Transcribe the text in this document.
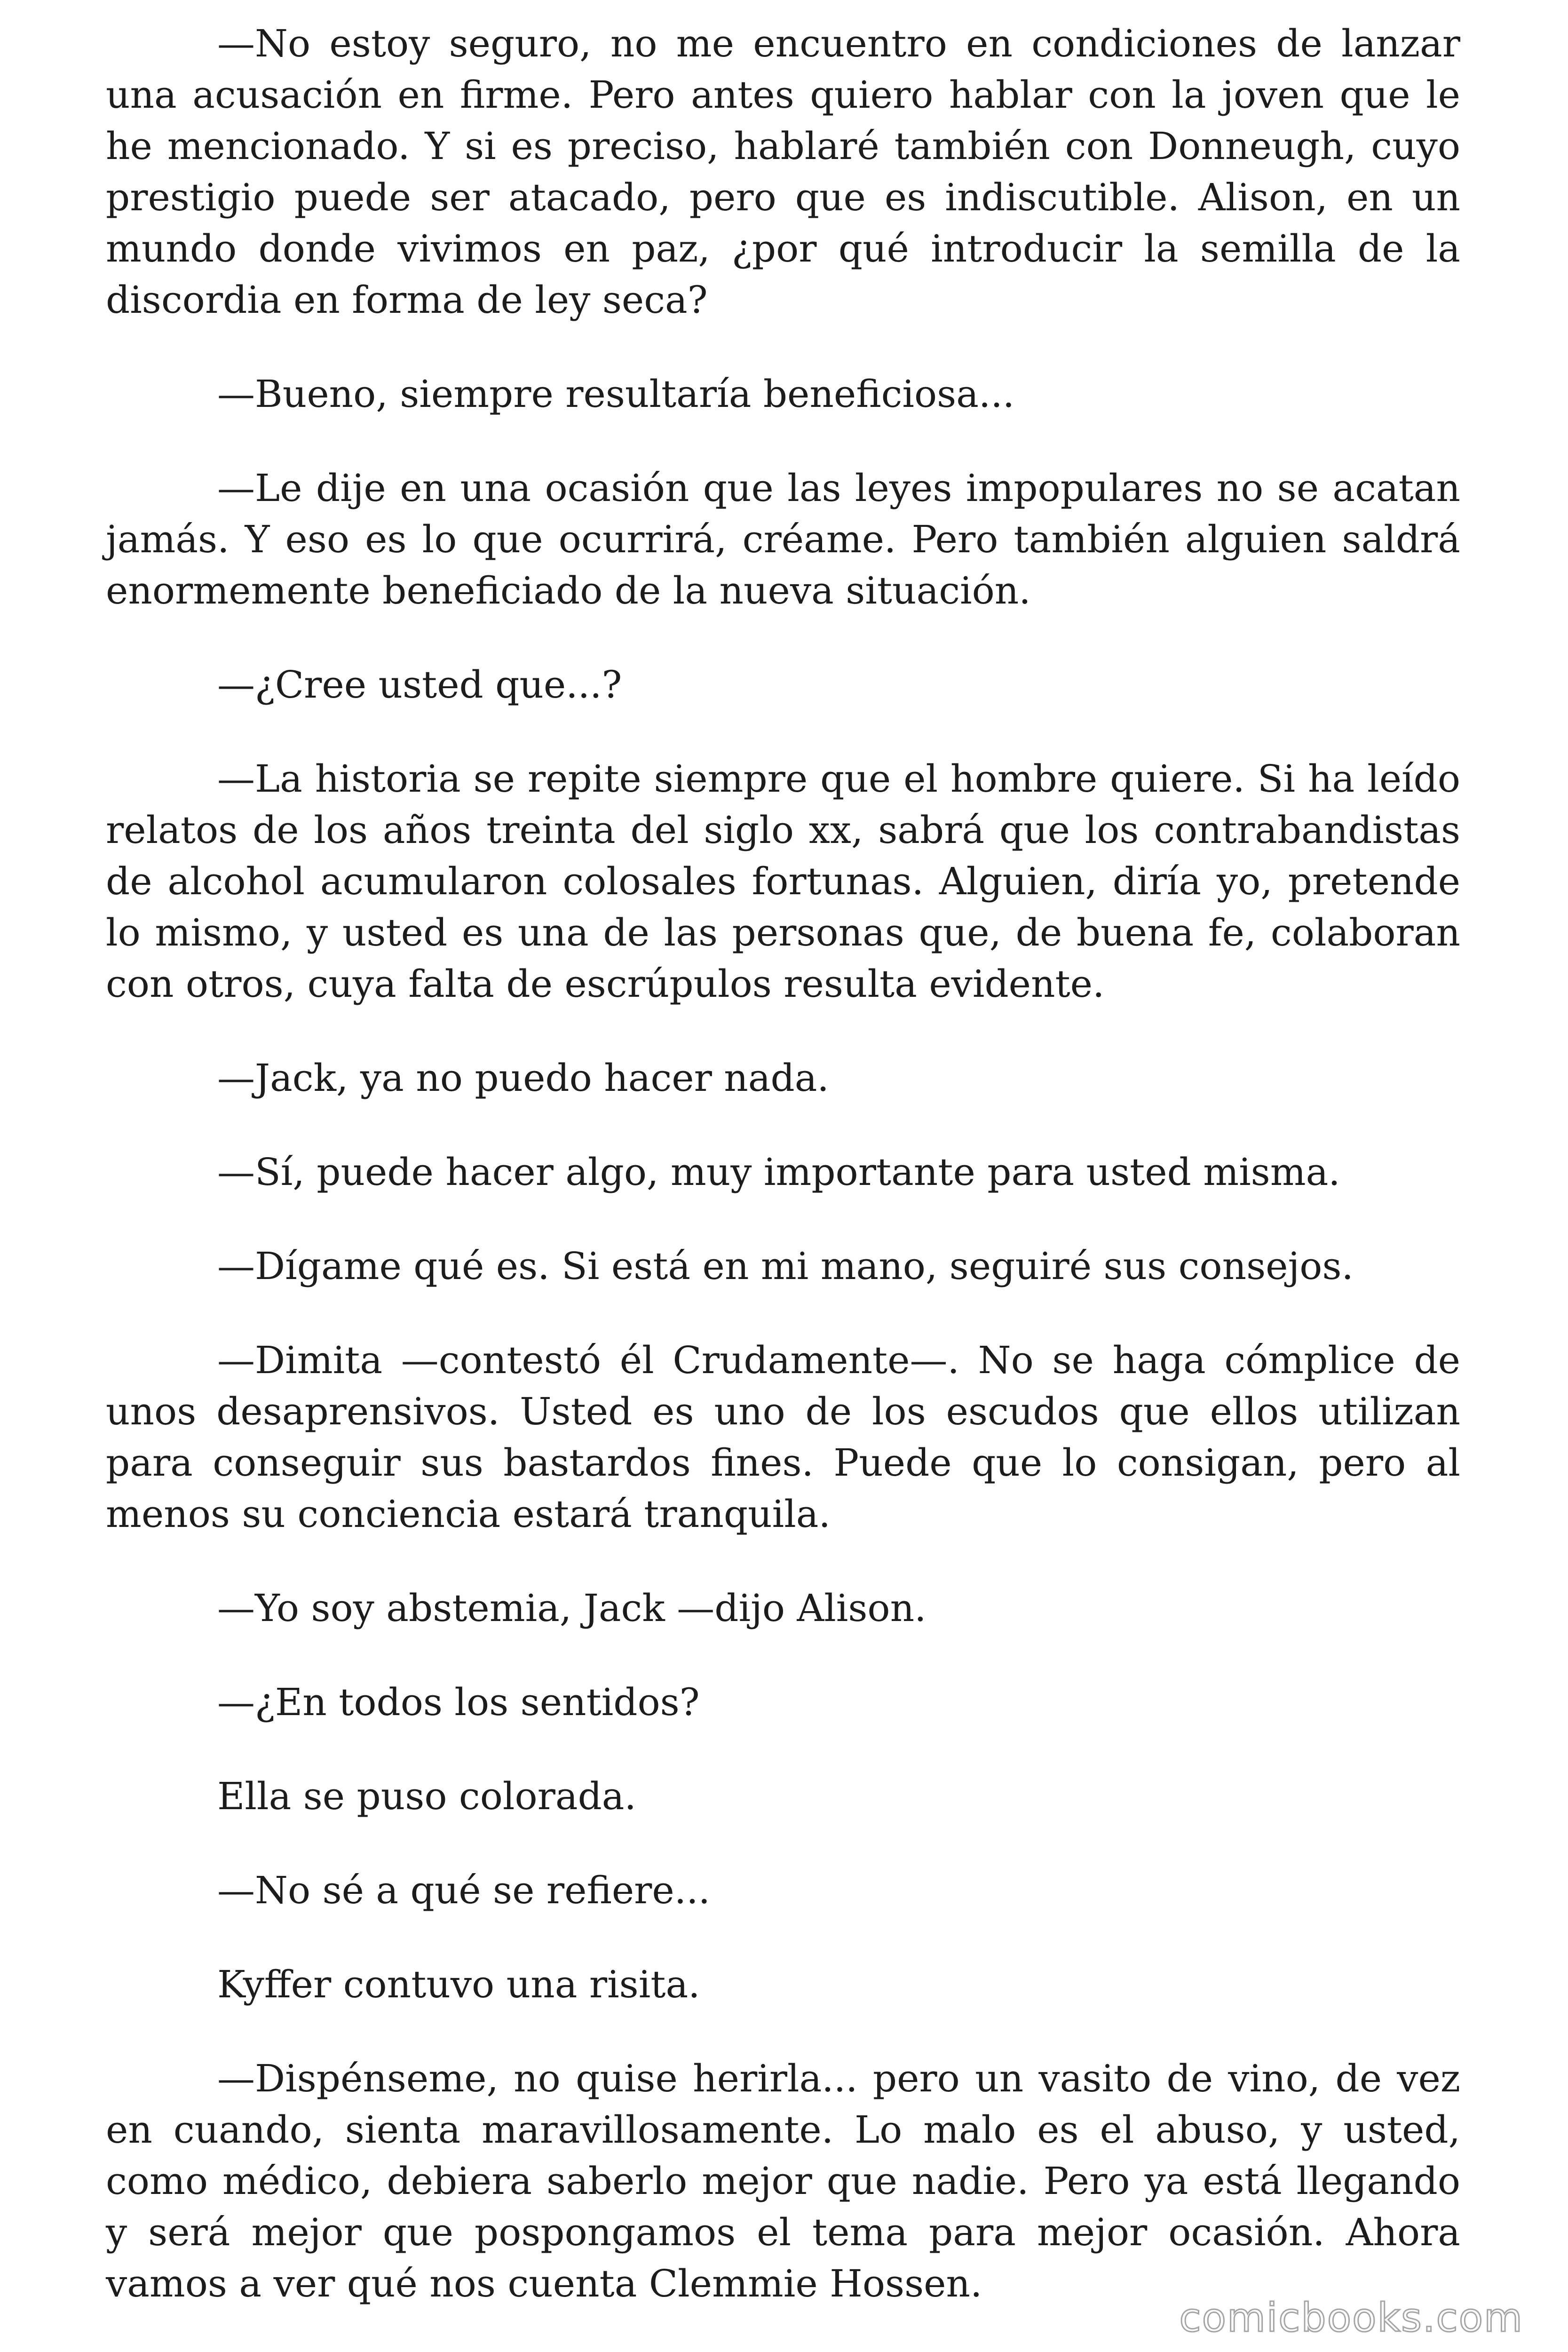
—No estoy seguro, no me encuentro en condiciones de lanzar una acusación en firme. Pero antes quiero hablar con la joven que le he mencionado. Y si es preciso, hablaré también con Donneugh, cuyo prestigio puede ser atacado, pero que es indiscutible. Alison, en un mundo donde vivimos en paz, ¿por qué introducir la semilla de la discordia en forma de ley seca?

—Bueno, siempre resultaría beneficiosa...

—Le dije en una ocasión que las leyes impopulares no se acatan jamás. Y eso es lo que ocurrirá, créame. Pero también alguien saldrá enormemente beneficiado de la nueva situación.

—¿Cree usted que...?

—La historia se repite siempre que el hombre quiere. Si ha leído relatos de los años treinta del siglo xx, sabrá que los contrabandistas de alcohol acumularon colosales fortunas. Alguien, diría yo, pretende lo mismo, y usted es una de las personas que, de buena fe, colaboran con otros, cuya falta de escrúpulos resulta evidente.

—Jack, ya no puedo hacer nada.

—Sí, puede hacer algo, muy importante para usted misma.

—Dígame qué es. Si está en mi mano, seguiré sus consejos.

—Dimita —contestó él Crudamente—. No se haga cómplice de unos desaprensivos. Usted es uno de los escudos que ellos utilizan para conseguir sus bastardos fines. Puede que lo consigan, pero al menos su conciencia estará tranquila.

—Yo soy abstemia, Jack —dijo Alison.

—¿En todos los sentidos?

Ella se puso colorada.

—No sé a qué se refiere...

Kyffer contuvo una risita.

—Dispénseme, no quise herirla... pero un vasito de vino, de vez en cuando, sienta maravillosamente. Lo malo es el abuso, y usted, como médico, debiera saberlo mejor que nadie. Pero ya está llegando y será mejor que pospongamos el tema para mejor ocasión. Ahora vamos a ver qué nos cuenta Clemmie Hossen.

comicbooks.com
